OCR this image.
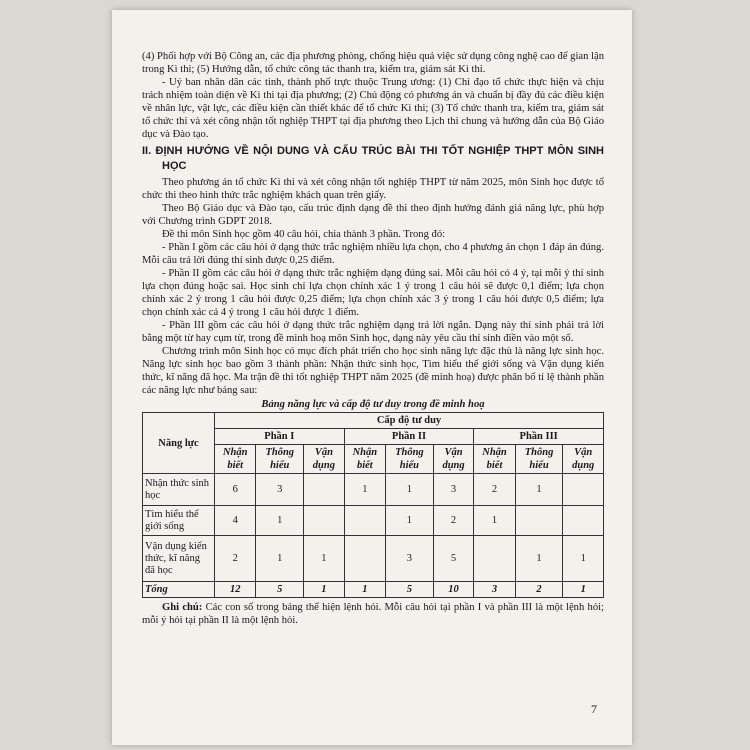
(4) Phối hợp với Bộ Công an, các địa phương phòng, chống hiệu quả việc sử dụng công nghệ cao để gian lận trong Kì thi; (5) Hướng dẫn, tổ chức công tác thanh tra, kiểm tra, giám sát Kì thi.

- Uỷ ban nhân dân các tỉnh, thành phố trực thuộc Trung ương: (1) Chỉ đạo tổ chức thực hiện và chịu trách nhiệm toàn diện về Kì thi tại địa phương; (2) Chủ động có phương án và chuẩn bị đầy đủ các điều kiện về nhân lực, vật lực, các điều kiện cần thiết khác để tổ chức Kì thi; (3) Tổ chức thanh tra, kiểm tra, giám sát tổ chức thi và xét công nhận tốt nghiệp THPT tại địa phương theo Lịch thi chung và hướng dẫn của Bộ Giáo dục và Đào tạo.

II. ĐỊNH HƯỚNG VỀ NỘI DUNG VÀ CẤU TRÚC BÀI THI TỐT NGHIỆP THPT MÔN SINH HỌC

Theo phương án tổ chức Kì thi và xét công nhận tốt nghiệp THPT từ năm 2025, môn Sinh học được tổ chức thi theo hình thức trắc nghiệm khách quan trên giấy.

Theo Bộ Giáo dục và Đào tạo, cấu trúc định dạng đề thi theo định hướng đánh giá năng lực, phù hợp với Chương trình GDPT 2018.

Đề thi môn Sinh học gồm 40 câu hỏi, chia thành 3 phần. Trong đó:

- Phần I gồm các câu hỏi ở dạng thức trắc nghiệm nhiều lựa chọn, cho 4 phương án chọn 1 đáp án đúng. Mỗi câu trả lời đúng thí sinh được 0,25 điểm.

- Phần II gồm các câu hỏi ở dạng thức trắc nghiệm dạng đúng sai. Mỗi câu hỏi có 4 ý, tại mỗi ý thí sinh lựa chọn đúng hoặc sai. Học sinh chỉ lựa chọn chính xác 1 ý trong 1 câu hỏi sẽ được 0,1 điểm; lựa chọn chính xác 2 ý trong 1 câu hỏi được 0,25 điểm; lựa chọn chính xác 3 ý trong 1 câu hỏi được 0,5 điểm; lựa chọn chính xác cả 4 ý trong 1 câu hỏi được 1 điểm.

- Phần III gồm các câu hỏi ở dạng thức trắc nghiệm dạng trả lời ngắn. Dạng này thí sinh phải trả lời bằng một từ hay cụm từ, trong đề minh hoạ môn Sinh học, dạng này yêu cầu thí sinh điền vào một số.

Chương trình môn Sinh học có mục đích phát triển cho học sinh năng lực đặc thù là năng lực sinh học. Năng lực sinh học bao gồm 3 thành phần: Nhận thức sinh học, Tìm hiểu thế giới sống và Vận dụng kiến thức, kĩ năng đã học. Ma trận đề thi tốt nghiệp THPT năm 2025 (đề minh hoạ) được phân bố tỉ lệ thành phần các năng lực như bảng sau:

Bảng năng lực và cấp độ tư duy trong đề minh hoạ

Năng lực	Cấp độ tư duy								
	Phần I			Phần II			Phần III		
	Nhận biết	Thông hiểu	Vận dụng	Nhận biết	Thông hiểu	Vận dụng	Nhận biết	Thông hiểu	Vận dụng
Nhận thức sinh học	6	3		1	1	3	2	1	
Tìm hiểu thế giới sống	4	1			1	2	1		
Vận dụng kiến thức, kĩ năng đã học	2	1	1		3	5		1	1
Tổng	12	5	1	1	5	10	3	2	1

Ghi chú: Các con số trong bảng thể hiện lệnh hỏi. Mỗi câu hỏi tại phần I và phần III là một lệnh hỏi; mỗi ý hỏi tại phần II là một lệnh hỏi.

7
